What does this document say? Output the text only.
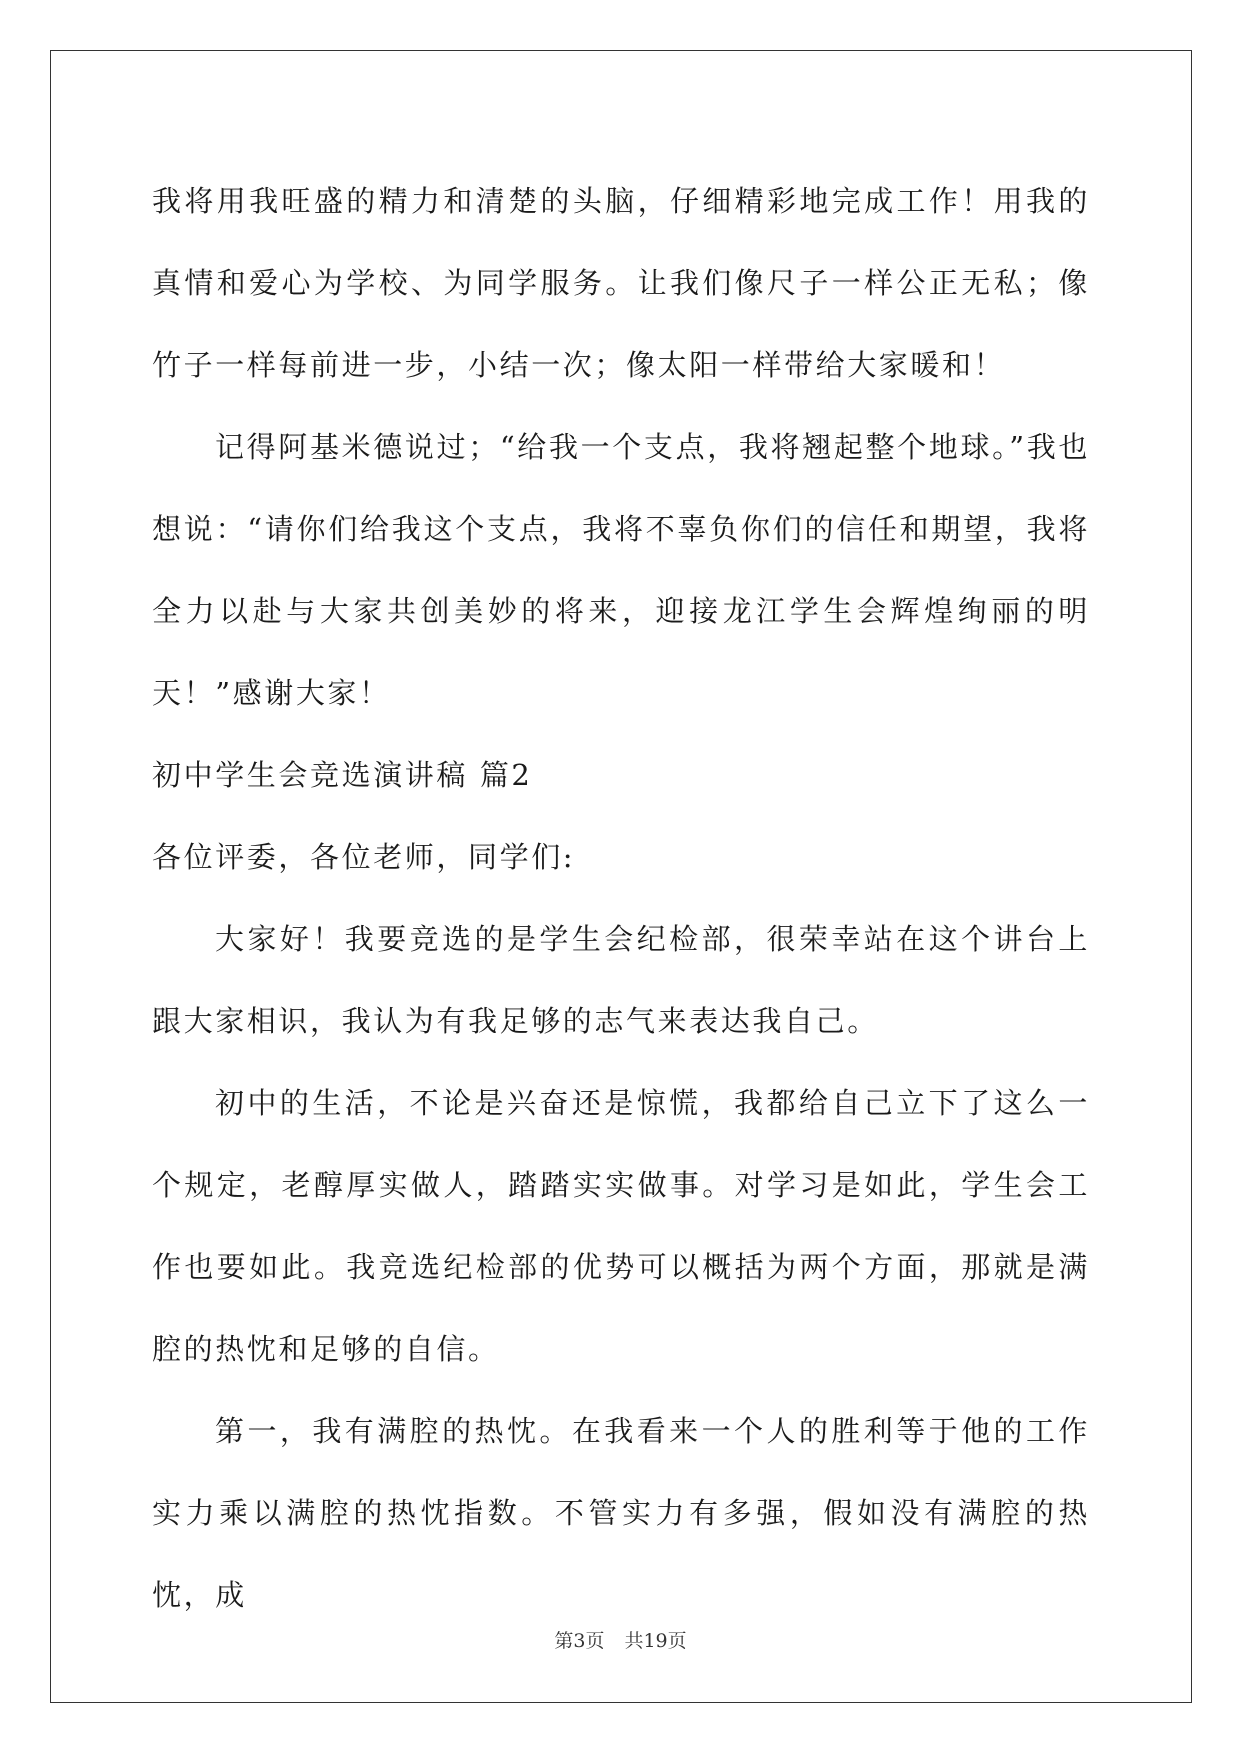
我将用我旺盛的精力和清楚的头脑，仔细精彩地完成工作！用我的真情和爱心为学校、为同学服务。让我们像尺子一样公正无私；像竹子一样每前进一步，小结一次；像太阳一样带给大家暖和！

记得阿基米德说过；“给我一个支点，我将翘起整个地球。”我也想说：“请你们给我这个支点，我将不辜负你们的信任和期望，我将全力以赴与大家共创美妙的将来，迎接龙江学生会辉煌绚丽的明天！”感谢大家！

初中学生会竞选演讲稿 篇2

各位评委，各位老师，同学们:

大家好！我要竞选的是学生会纪检部，很荣幸站在这个讲台上跟大家相识，我认为有我足够的志气来表达我自己。

初中的生活，不论是兴奋还是惊慌，我都给自己立下了这么一个规定，老醇厚实做人，踏踏实实做事。对学习是如此，学生会工作也要如此。我竞选纪检部的优势可以概括为两个方面，那就是满腔的热忱和足够的自信。

第一，我有满腔的热忱。在我看来一个人的胜利等于他的工作实力乘以满腔的热忱指数。不管实力有多强，假如没有满腔的热忱，成

第3页 共19页
